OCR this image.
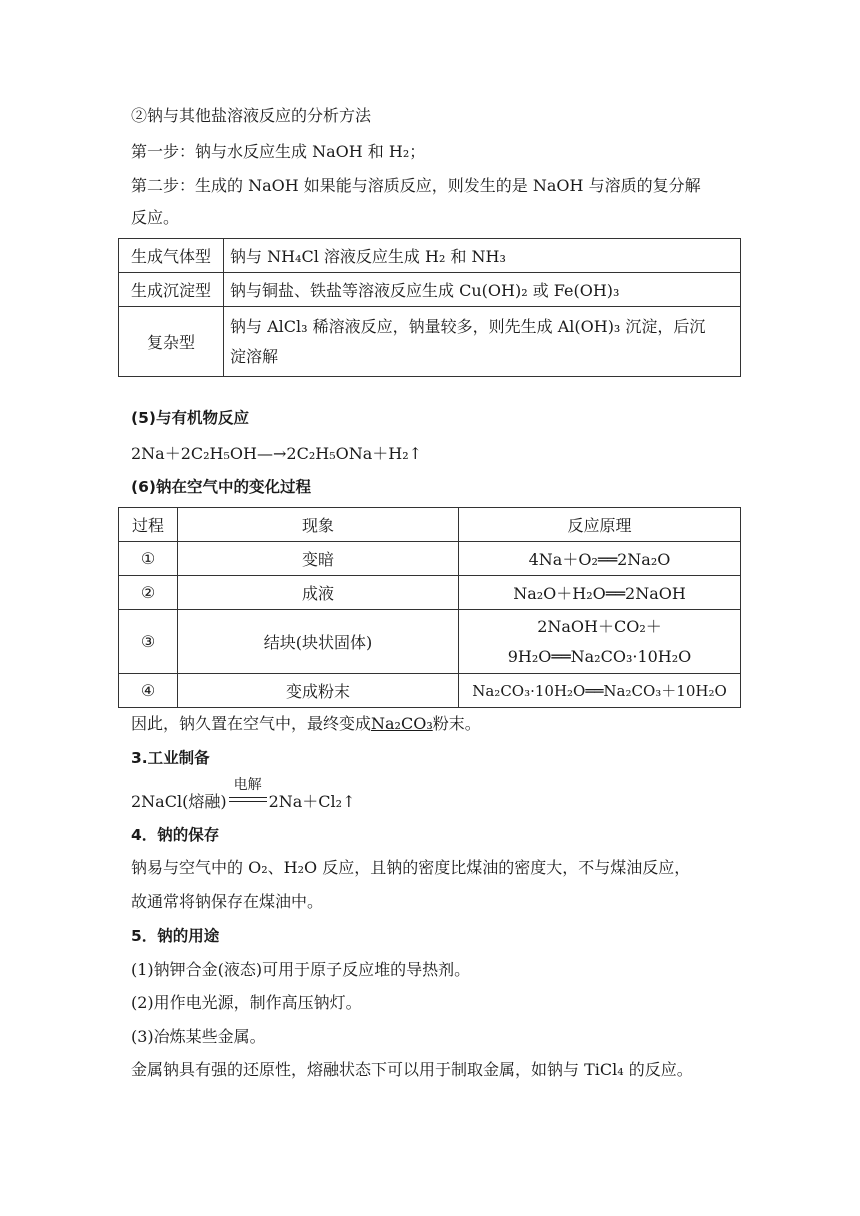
②钠与其他盐溶液反应的分析方法
第一步：钠与水反应生成 NaOH 和 H₂；
第二步：生成的 NaOH 如果能与溶质反应，则发生的是 NaOH 与溶质的复分解
反应。
生成气体型	钠与 NH₄Cl 溶液反应生成 H₂ 和 NH₃
生成沉淀型	钠与铜盐、铁盐等溶液反应生成 Cu(OH)₂ 或 Fe(OH)₃
复杂型	钠与 AlCl₃ 稀溶液反应，钠量较多，则先生成 Al(OH)₃ 沉淀，后沉
淀溶解
(5)与有机物反应
2Na＋2C₂H₅OH—→2C₂H₅ONa＋H₂↑
(6)钠在空气中的变化过程
过程	现象	反应原理
①	变暗	4Na＋O₂══2Na₂O
②	成液	Na₂O＋H₂O══2NaOH
③	结块(块状固体)	2NaOH＋CO₂＋
9H₂O══Na₂CO₃·10H₂O
④	变成粉末	Na₂CO₃·10H₂O══Na₂CO₃＋10H₂O
因此，钠久置在空气中，最终变成Na₂CO₃粉末。
3.工业制备
2NaCl(熔融)
电解
2Na＋Cl₂↑
4．钠的保存
钠易与空气中的 O₂、H₂O 反应，且钠的密度比煤油的密度大，不与煤油反应，
故通常将钠保存在煤油中。
5．钠的用途
(1)钠钾合金(液态)可用于原子反应堆的导热剂。
(2)用作电光源，制作高压钠灯。
(3)冶炼某些金属。
金属钠具有强的还原性，熔融状态下可以用于制取金属，如钠与 TiCl₄ 的反应。
